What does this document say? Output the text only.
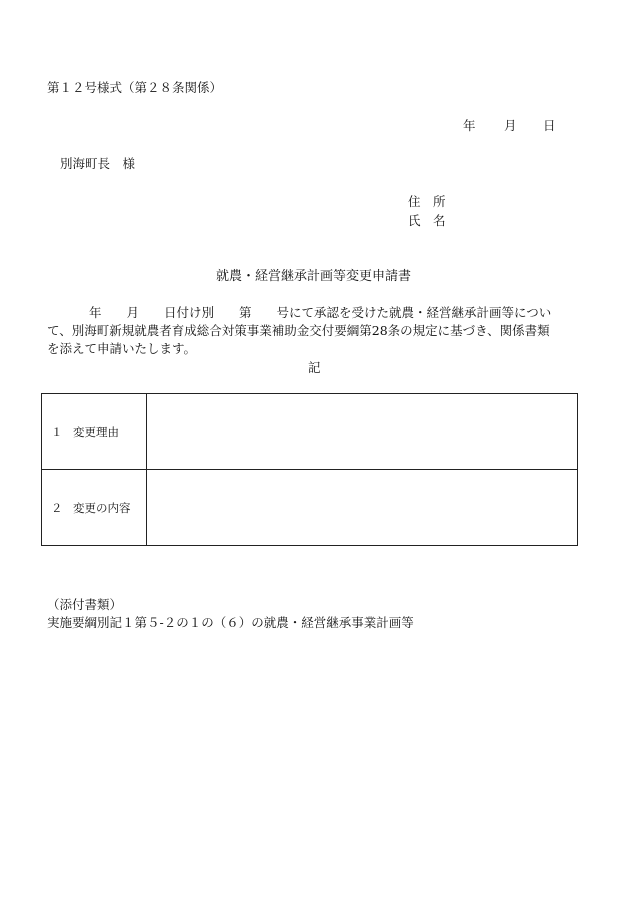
第１２号様式（第２８条関係）
年 月 日
別海町長　様
住　所
氏　名
就農・経営継承計画等変更申請書
年　　月　　日付け別　　第　　号にて承認を受けた就農・経営継承計画等につい
て、別海町新規就農者育成総合対策事業補助金交付要綱第28条の規定に基づき、関係書類
を添えて申請いたします。
記
１ 変更理由	
２ 変更の内容	
（添付書類）
実施要綱別記１第５-２の１の（６）の就農・経営継承事業計画等
